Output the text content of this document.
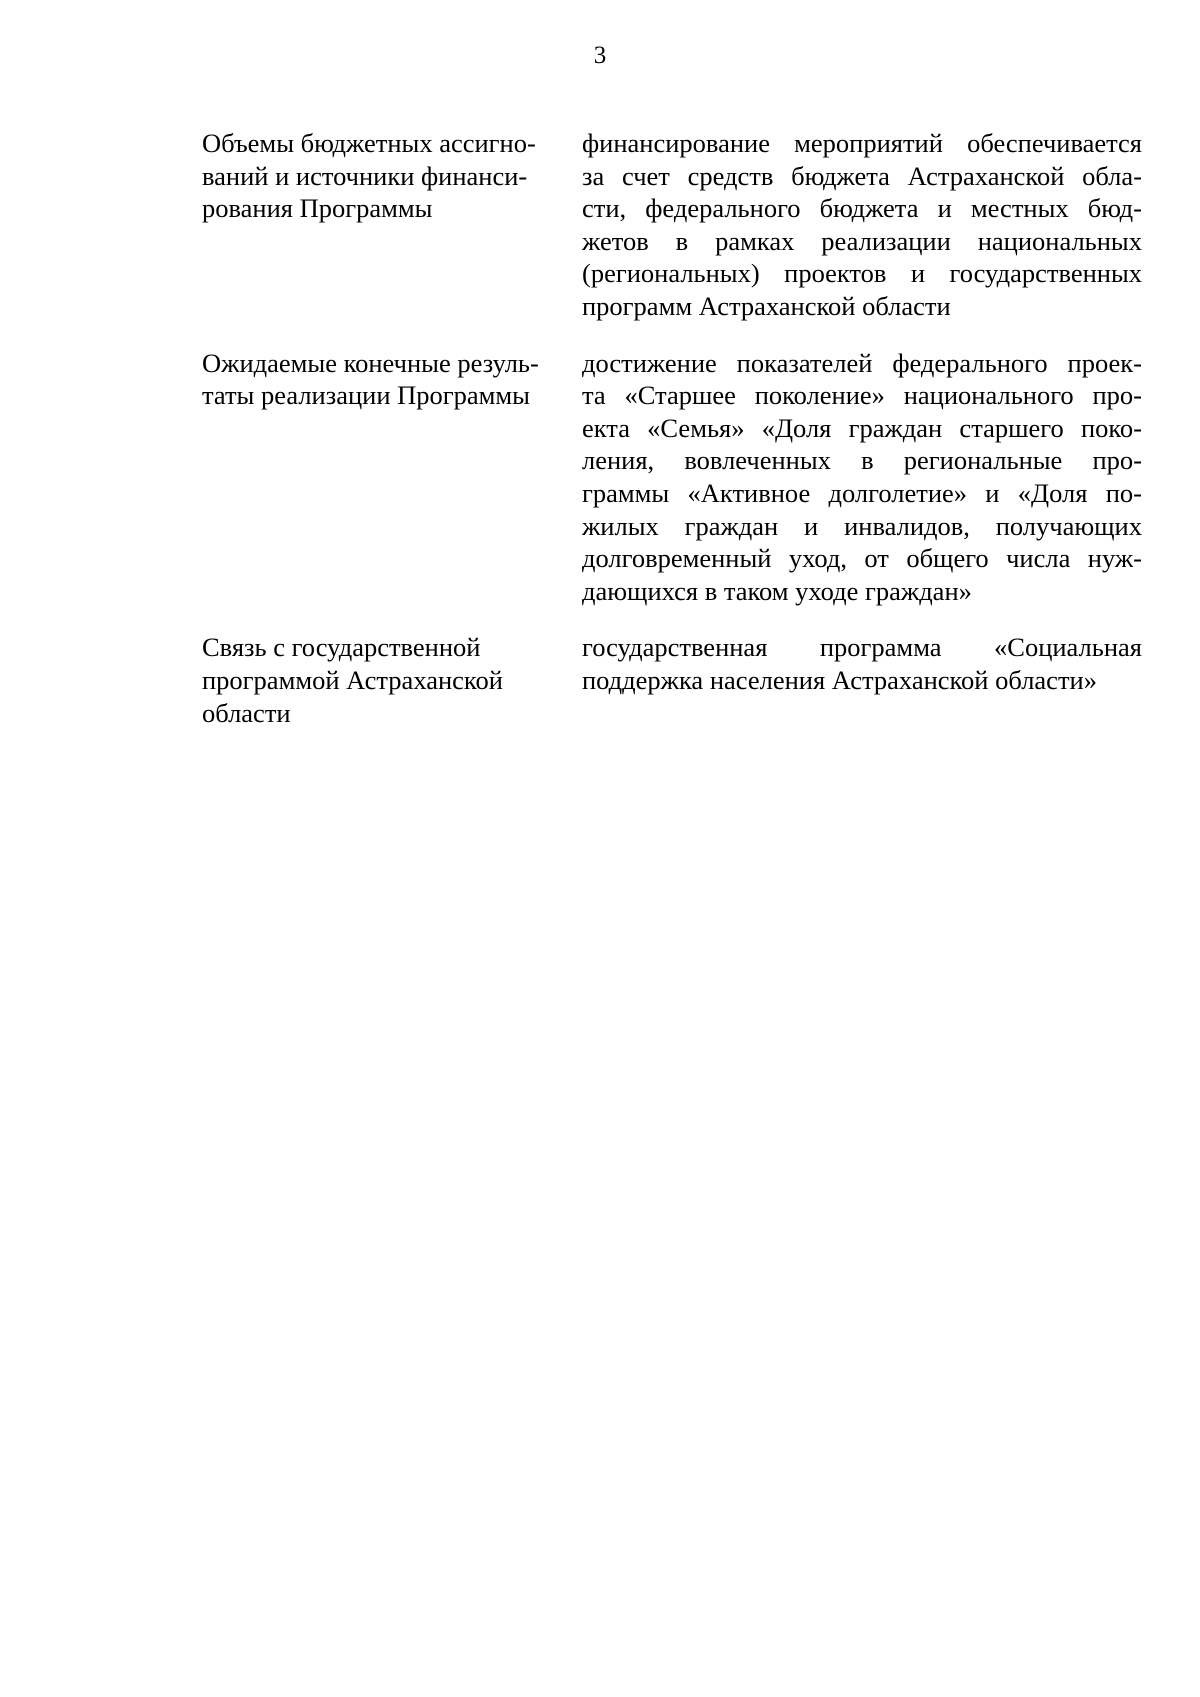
3
Объемы бюджетных ассигно-
ваний и источники финанси-
рования Программы
финансирование мероприятий обеспечивается
за счет средств бюджета Астраханской обла-
сти, федерального бюджета и местных бюд-
жетов в рамках реализации национальных
(региональных) проектов и государственных
программ Астраханской области
Ожидаемые конечные резуль-
таты реализации Программы
достижение показателей федерального проек-
та «Старшее поколение» национального про-
екта «Семья» «Доля граждан старшего поко-
ления, вовлеченных в региональные про-
граммы «Активное долголетие» и «Доля по-
жилых граждан и инвалидов, получающих
долговременный уход, от общего числа нуж-
дающихся в таком уходе граждан»
Связь с государственной
программой Астраханской
области
государственная программа «Социальная
поддержка населения Астраханской области»
